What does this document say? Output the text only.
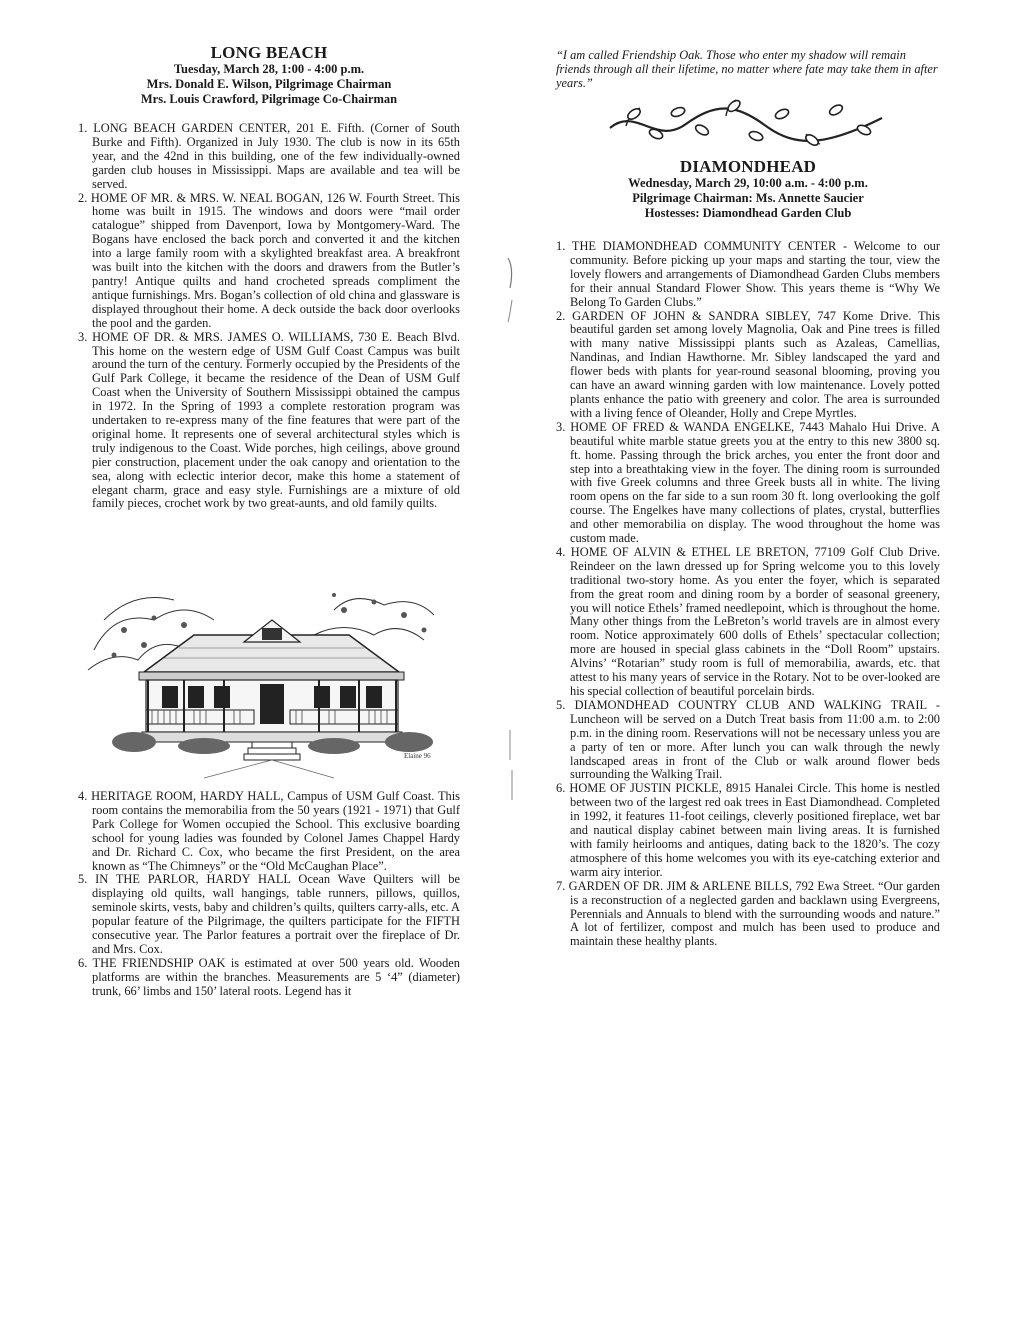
LONG BEACH
Tuesday, March 28, 1:00 - 4:00 p.m.
Mrs. Donald E. Wilson, Pilgrimage Chairman
Mrs. Louis Crawford, Pilgrimage Co-Chairman

1. LONG BEACH GARDEN CENTER, 201 E. Fifth. (Corner of South Burke and Fifth). Organized in July 1930. The club is now in its 65th year, and the 42nd in this building, one of the few individually-owned garden club houses in Mississippi. Maps are available and tea will be served.

2. HOME OF MR. & MRS. W. NEAL BOGAN, 126 W. Fourth Street. This home was built in 1915. The windows and doors were “mail order catalogue” shipped from Davenport, Iowa by Montgomery-Ward. The Bogans have enclosed the back porch and converted it and the kitchen into a large family room with a skylighted breakfast area. A breakfront was built into the kitchen with the doors and drawers from the Butler’s pantry! Antique quilts and hand crocheted spreads compliment the antique furnishings. Mrs. Bogan’s collection of old china and glassware is displayed throughout their home. A deck outside the back door overlooks the pool and the garden.

3. HOME OF DR. & MRS. JAMES O. WILLIAMS, 730 E. Beach Blvd. This home on the western edge of USM Gulf Coast Campus was built around the turn of the century. Formerly occupied by the Presidents of the Gulf Park College, it became the residence of the Dean of USM Gulf Coast when the University of Southern Mississippi obtained the campus in 1972. In the Spring of 1993 a complete restoration program was undertaken to re-express many of the fine features that were part of the original home. It represents one of several architectural styles which is truly indigenous to the Coast. Wide porches, high ceilings, above ground pier construction, placement under the oak canopy and orientation to the sea, along with eclectic interior decor, make this home a statement of elegant charm, grace and easy style. Furnishings are a mixture of old family pieces, crochet work by two great-aunts, and old family quilts.

Elaine 96

4. HERITAGE ROOM, HARDY HALL, Campus of USM Gulf Coast. This room contains the memorabilia from the 50 years (1921 - 1971) that Gulf Park College for Women occupied the School. This exclusive boarding school for young ladies was founded by Colonel James Chappel Hardy and Dr. Richard C. Cox, who became the first President, on the area known as “The Chimneys” or the “Old McCaughan Place”.

5. IN THE PARLOR, HARDY HALL Ocean Wave Quilters will be displaying old quilts, wall hangings, table runners, pillows, quillos, seminole skirts, vests, baby and children’s quilts, quilters carry-alls, etc. A popular feature of the Pilgrimage, the quilters participate for the FIFTH consecutive year. The Parlor features a portrait over the fireplace of Dr. and Mrs. Cox.

6. THE FRIENDSHIP OAK is estimated at over 500 years old. Wooden platforms are within the branches. Measurements are 5 ‘4” (diameter) trunk, 66’ limbs and 150’ lateral roots. Legend has it

“I am called Friendship Oak. Those who enter my shadow will remain friends through all their lifetime, no matter where fate may take them in after years.”

DIAMONDHEAD
Wednesday, March 29, 10:00 a.m. - 4:00 p.m.
Pilgrimage Chairman: Ms. Annette Saucier
Hostesses: Diamondhead Garden Club

1. THE DIAMONDHEAD COMMUNITY CENTER - Welcome to our community. Before picking up your maps and starting the tour, view the lovely flowers and arrangements of Diamondhead Garden Clubs members for their annual Standard Flower Show. This years theme is “Why We Belong To Garden Clubs.”

2. GARDEN OF JOHN & SANDRA SIBLEY, 747 Kome Drive. This beautiful garden set among lovely Magnolia, Oak and Pine trees is filled with many native Mississippi plants such as Azaleas, Camellias, Nandinas, and Indian Hawthorne. Mr. Sibley landscaped the yard and flower beds with plants for year-round seasonal blooming, proving you can have an award winning garden with low maintenance. Lovely potted plants enhance the patio with greenery and color. The area is surrounded with a living fence of Oleander, Holly and Crepe Myrtles.

3. HOME OF FRED & WANDA ENGELKE, 7443 Mahalo Hui Drive. A beautiful white marble statue greets you at the entry to this new 3800 sq. ft. home. Passing through the brick arches, you enter the front door and step into a breathtaking view in the foyer. The dining room is surrounded with five Greek columns and three Greek busts all in white. The living room opens on the far side to a sun room 30 ft. long overlooking the golf course. The Engelkes have many collections of plates, crystal, butterflies and other memorabilia on display. The wood throughout the home was custom made.

4. HOME OF ALVIN & ETHEL LE BRETON, 77109 Golf Club Drive. Reindeer on the lawn dressed up for Spring welcome you to this lovely traditional two-story home. As you enter the foyer, which is separated from the great room and dining room by a border of seasonal greenery, you will notice Ethels’ framed needlepoint, which is throughout the home. Many other things from the LeBreton’s world travels are in almost every room. Notice approximately 600 dolls of Ethels’ spectacular collection; more are housed in special glass cabinets in the “Doll Room” upstairs. Alvins’ “Rotarian” study room is full of memorabilia, awards, etc. that attest to his many years of service in the Rotary. Not to be over-looked are his special collection of beautiful porcelain birds.

5. DIAMONDHEAD COUNTRY CLUB AND WALKING TRAIL - Luncheon will be served on a Dutch Treat basis from 11:00 a.m. to 2:00 p.m. in the dining room. Reservations will not be necessary unless you are a party of ten or more. After lunch you can walk through the newly landscaped areas in front of the Club or walk around flower beds surrounding the Walking Trail.

6. HOME OF JUSTIN PICKLE, 8915 Hanalei Circle. This home is nestled between two of the largest red oak trees in East Diamondhead. Completed in 1992, it features 11-foot ceilings, cleverly positioned fireplace, wet bar and nautical display cabinet between main living areas. It is furnished with family heirlooms and antiques, dating back to the 1820’s. The cozy atmosphere of this home welcomes you with its eye-catching exterior and warm airy interior.

7. GARDEN OF DR. JIM & ARLENE BILLS, 792 Ewa Street. “Our garden is a reconstruction of a neglected garden and backlawn using Evergreens, Perennials and Annuals to blend with the surrounding woods and nature.” A lot of fertilizer, compost and mulch has been used to produce and maintain these healthy plants.
